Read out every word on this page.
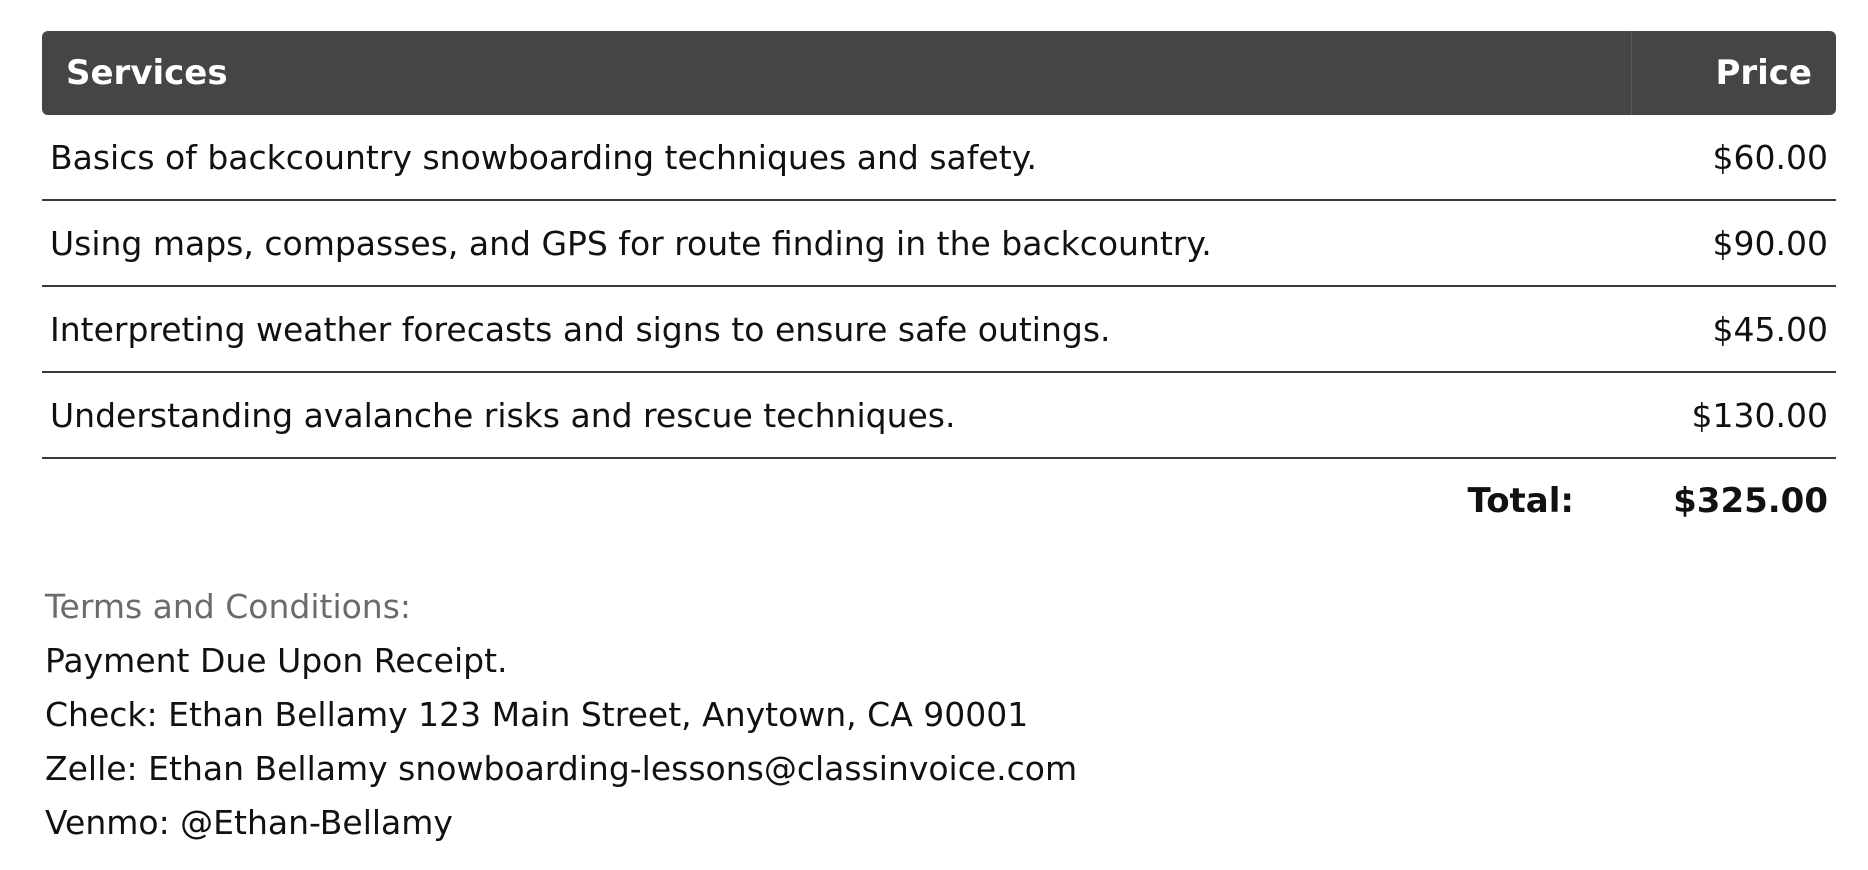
Services	Price
Basics of backcountry snowboarding techniques and safety.	$60.00
Using maps, compasses, and GPS for route finding in the backcountry.	$90.00
Interpreting weather forecasts and signs to ensure safe outings.	$45.00
Understanding avalanche risks and rescue techniques.	$130.00
Total:	$325.00
Terms and Conditions:
Payment Due Upon Receipt.
Check: Ethan Bellamy 123 Main Street, Anytown, CA 90001
Zelle: Ethan Bellamy snowboarding-lessons@classinvoice.com
Venmo: @Ethan-Bellamy
